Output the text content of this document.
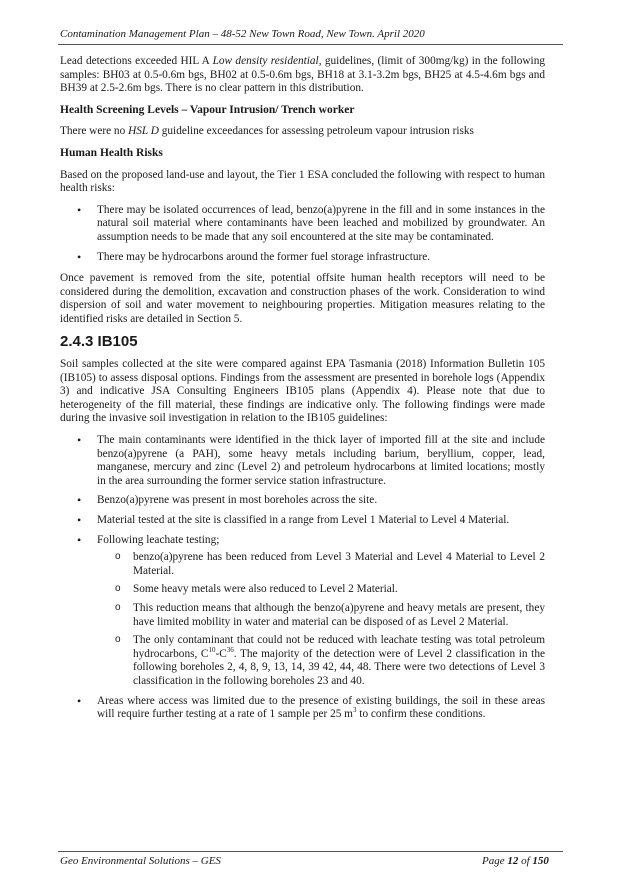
Contamination Management Plan – 48-52 New Town Road, New Town. April 2020

Lead detections exceeded HIL A Low density residential, guidelines, (limit of 300mg/kg) in the following samples: BH03 at 0.5-0.6m bgs, BH02 at 0.5-0.6m bgs, BH18 at 3.1-3.2m bgs, BH25 at 4.5-4.6m bgs and BH39 at 2.5-2.6m bgs. There is no clear pattern in this distribution.

Health Screening Levels – Vapour Intrusion/ Trench worker

There were no HSL D guideline exceedances for assessing petroleum vapour intrusion risks

Human Health Risks

Based on the proposed land-use and layout, the Tier 1 ESA concluded the following with respect to human health risks:

• There may be isolated occurrences of lead, benzo(a)pyrene in the fill and in some instances in the natural soil material where contaminants have been leached and mobilized by groundwater. An assumption needs to be made that any soil encountered at the site may be contaminated.
• There may be hydrocarbons around the former fuel storage infrastructure.

Once pavement is removed from the site, potential offsite human health receptors will need to be considered during the demolition, excavation and construction phases of the work. Consideration to wind dispersion of soil and water movement to neighbouring properties. Mitigation measures relating to the identified risks are detailed in Section 5.

2.4.3 IB105

Soil samples collected at the site were compared against EPA Tasmania (2018) Information Bulletin 105 (IB105) to assess disposal options. Findings from the assessment are presented in borehole logs (Appendix 3) and indicative JSA Consulting Engineers IB105 plans (Appendix 4). Please note that due to heterogeneity of the fill material, these findings are indicative only. The following findings were made during the invasive soil investigation in relation to the IB105 guidelines:

• The main contaminants were identified in the thick layer of imported fill at the site and include benzo(a)pyrene (a PAH), some heavy metals including barium, beryllium, copper, lead, manganese, mercury and zinc (Level 2) and petroleum hydrocarbons at limited locations; mostly in the area surrounding the former service station infrastructure.
• Benzo(a)pyrene was present in most boreholes across the site.
• Material tested at the site is classified in a range from Level 1 Material to Level 4 Material.
• Following leachate testing;
o benzo(a)pyrene has been reduced from Level 3 Material and Level 4 Material to Level 2 Material.
o Some heavy metals were also reduced to Level 2 Material.
o This reduction means that although the benzo(a)pyrene and heavy metals are present, they have limited mobility in water and material can be disposed of as Level 2 Material.
o The only contaminant that could not be reduced with leachate testing was total petroleum hydrocarbons, $C^{10}-C^{36}$. The majority of the detection were of Level 2 classification in the following boreholes 2, 4, 8, 9, 13, 14, 39 42, 44, 48. There were two detections of Level 3 classification in the following boreholes 23 and 40.
• Areas where access was limited due to the presence of existing buildings, the soil in these areas will require further testing at a rate of 1 sample per 25 $m^3$ to confirm these conditions.
Geo Environmental Solutions – GES	Page 12 of 150
